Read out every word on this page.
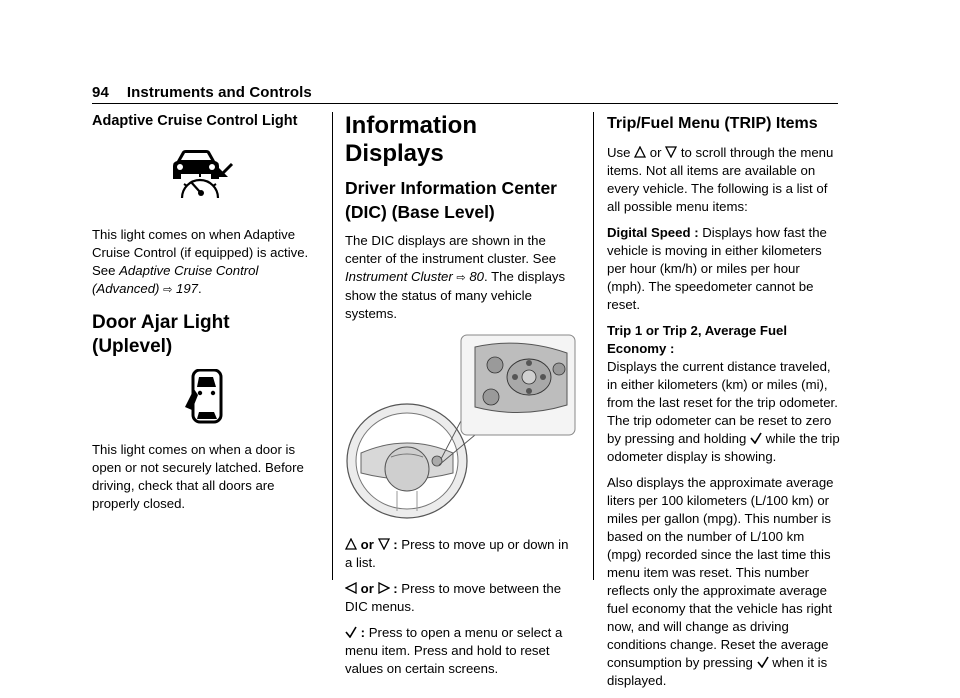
94 Instruments and Controls
Adaptive Cruise Control Light

This light comes on when Adaptive Cruise Control (if equipped) is active. See Adaptive Cruise Control (Advanced) ⇨ 197.

Door Ajar Light (Uplevel)

This light comes on when a door is open or not securely latched. Before driving, check that all doors are properly closed.

Information Displays
Driver Information Center (DIC) (Base Level)

The DIC displays are shown in the center of the instrument cluster. See Instrument Cluster ⇨ 80. The displays show the status of many vehicle systems.

or : Press to move up or down in a list.

or : Press to move between the DIC menus.

: Press to open a menu or select a menu item. Press and hold to reset values on certain screens.

Trip/Fuel Menu (TRIP) Items

Use or to scroll through the menu items. Not all items are available on every vehicle. The following is a list of all possible menu items:

Digital Speed : Displays how fast the vehicle is moving in either kilometers per hour (km/h) or miles per hour (mph). The speedometer cannot be reset.

Trip 1 or Trip 2, Average Fuel Economy :
Displays the current distance traveled, in either kilometers (km) or miles (mi), from the last reset for the trip odometer. The trip odometer can be reset to zero by pressing and holding while the trip odometer display is showing.

Also displays the approximate average liters per 100 kilometers (L/100 km) or miles per gallon (mpg). This number is based on the number of L/100 km (mpg) recorded since the last time this menu item was reset. This number reflects only the approximate average fuel economy that the vehicle has right now, and will change as driving conditions change. Reset the average consumption by pressing when it is displayed.
